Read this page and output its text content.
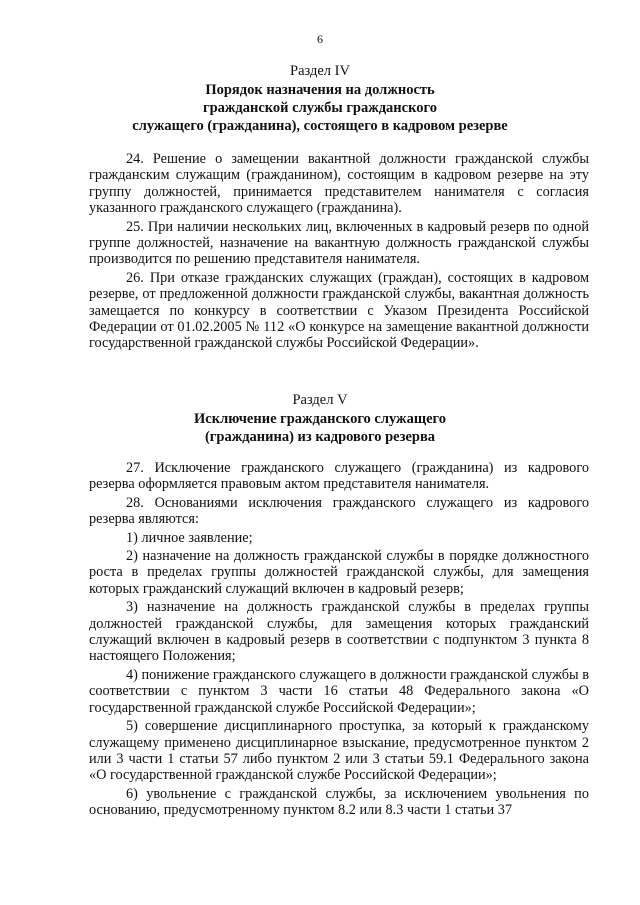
6
Раздел IV
Порядок назначения на должность
гражданской службы гражданского
служащего (гражданина), состоящего в кадровом резерве

24. Решение о замещении вакантной должности гражданской службы гражданским служащим (гражданином), состоящим в кадровом резерве на эту группу должностей, принимается представителем нанимателя с согласия указанного гражданского служащего (гражданина).

25. При наличии нескольких лиц, включенных в кадровый резерв по одной группе должностей, назначение на вакантную должность гражданской службы производится по решению представителя нанимателя.

26. При отказе гражданских служащих (граждан), состоящих в кадровом резерве, от предложенной должности гражданской службы, вакантная должность замещается по конкурсу в соответствии с Указом Президента Российской Федерации от 01.02.2005 № 112 «О конкурсе на замещение вакантной должности государственной гражданской службы Российской Федерации».

Раздел V
Исключение гражданского служащего
(гражданина) из кадрового резерва

27. Исключение гражданского служащего (гражданина) из кадрового резерва оформляется правовым актом представителя нанимателя.

28. Основаниями исключения гражданского служащего из кадрового резерва являются:

1) личное заявление;

2) назначение на должность гражданской службы в порядке должностного роста в пределах группы должностей гражданской службы, для замещения которых гражданский служащий включен в кадровый резерв;

3) назначение на должность гражданской службы в пределах группы должностей гражданской службы, для замещения которых гражданский служащий включен в кадровый резерв в соответствии с подпунктом 3 пункта 8 настоящего Положения;

4) понижение гражданского служащего в должности гражданской службы в соответствии с пунктом 3 части 16 статьи 48 Федерального закона «О государственной гражданской службе Российской Федерации»;

5) совершение дисциплинарного проступка, за который к гражданскому служащему применено дисциплинарное взыскание, предусмотренное пунктом 2 или 3 части 1 статьи 57 либо пунктом 2 или 3 статьи 59.1 Федерального закона «О государственной гражданской службе Российской Федерации»;

6) увольнение с гражданской службы, за исключением увольнения по основанию, предусмотренному пунктом 8.2 или 8.3 части 1 статьи 37
